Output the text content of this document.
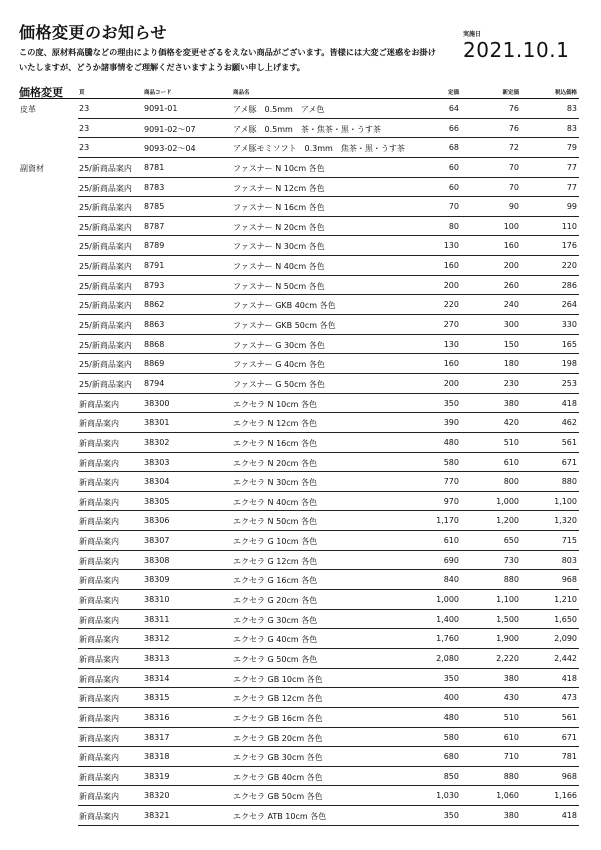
価格変更のお知らせ
この度、原材料高騰などの理由により価格を変更せざるをえない商品がございます。皆様には大変ご迷惑をお掛けいたしますが、どうか諸事情をご理解くださいますようお願い申し上げます。
実施日
2021.10.1
価格変更	頁	商品コード	商品名	定価	新定価	税込価格
皮革	23	9091-01	アメ豚　0.5mm　アメ色	64	76	83
23	9091-02〜07	アメ豚　0.5mm　茶・焦茶・黒・うす茶	66	76	83
23	9093-02〜04	アメ豚モミソフト　0.3mm　焦茶・黒・うす茶	68	72	79
副資材	25/新商品案内 8781	ファスナー N 10cm 各色	60	70	77
25/新商品案内 8783	ファスナー N 12cm 各色	60	70	77
25/新商品案内 8785	ファスナー N 16cm 各色	70	90	99
25/新商品案内 8787	ファスナー N 20cm 各色	80	100	110
25/新商品案内 8789	ファスナー N 30cm 各色	130	160	176
25/新商品案内 8791	ファスナー N 40cm 各色	160	200	220
25/新商品案内 8793	ファスナー N 50cm 各色	200	260	286
25/新商品案内 8862	ファスナー GKB 40cm 各色	220	240	264
25/新商品案内 8863	ファスナー GKB 50cm 各色	270	300	330
25/新商品案内 8868	ファスナー G 30cm 各色	130	150	165
25/新商品案内 8869	ファスナー G 40cm 各色	160	180	198
25/新商品案内 8794	ファスナー G 50cm 各色	200	230	253
新商品案内	38300	エクセラ N 10cm 各色	350	380	418
新商品案内	38301	エクセラ N 12cm 各色	390	420	462
新商品案内	38302	エクセラ N 16cm 各色	480	510	561
新商品案内	38303	エクセラ N 20cm 各色	580	610	671
新商品案内	38304	エクセラ N 30cm 各色	770	800	880
新商品案内	38305	エクセラ N 40cm 各色	970	1,000	1,100
新商品案内	38306	エクセラ N 50cm 各色	1,170	1,200	1,320
新商品案内	38307	エクセラ G 10cm 各色	610	650	715
新商品案内	38308	エクセラ G 12cm 各色	690	730	803
新商品案内	38309	エクセラ G 16cm 各色	840	880	968
新商品案内	38310	エクセラ G 20cm 各色	1,000	1,100	1,210
新商品案内	38311	エクセラ G 30cm 各色	1,400	1,500	1,650
新商品案内	38312	エクセラ G 40cm 各色	1,760	1,900	2,090
新商品案内	38313	エクセラ G 50cm 各色	2,080	2,220	2,442
新商品案内	38314	エクセラ GB 10cm 各色	350	380	418
新商品案内	38315	エクセラ GB 12cm 各色	400	430	473
新商品案内	38316	エクセラ GB 16cm 各色	480	510	561
新商品案内	38317	エクセラ GB 20cm 各色	580	610	671
新商品案内	38318	エクセラ GB 30cm 各色	680	710	781
新商品案内	38319	エクセラ GB 40cm 各色	850	880	968
新商品案内	38320	エクセラ GB 50cm 各色	1,030	1,060	1,166
新商品案内	38321	エクセラ ATB 10cm 各色	350	380	418
